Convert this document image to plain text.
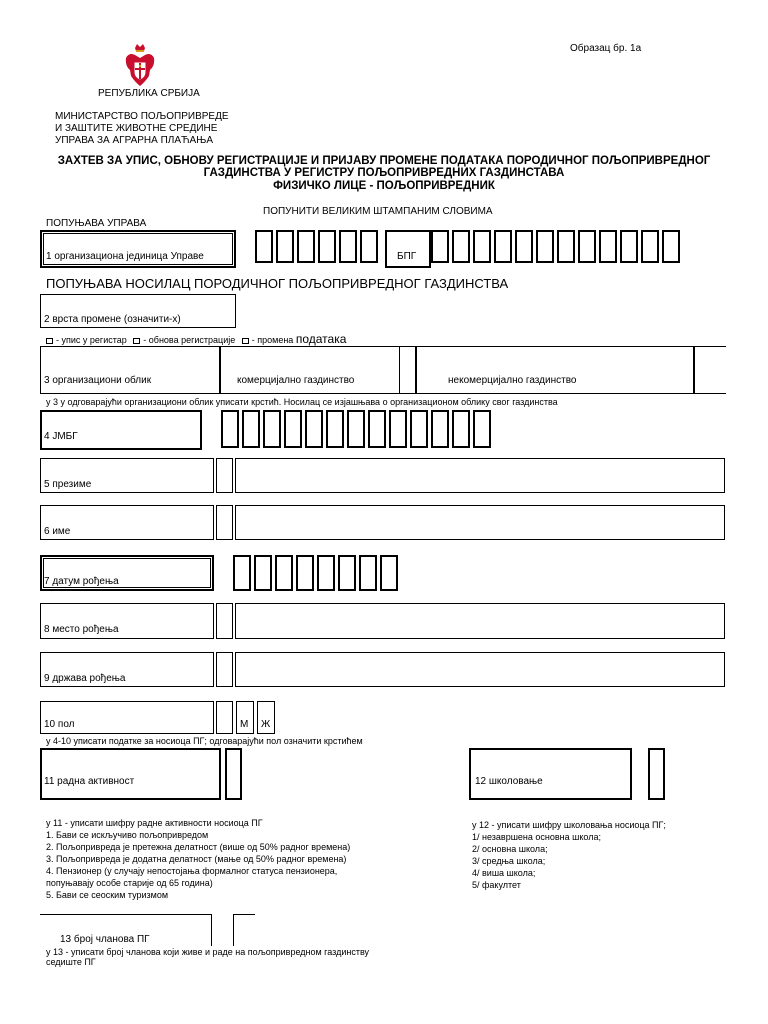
Образац бр. 1а
РЕПУБЛИКА СРБИЈА
МИНИСТАРСТВО ПОЉОПРИВРЕДЕ
И ЗАШТИТЕ ЖИВОТНЕ СРЕДИНЕ
УПРАВА ЗА АГРАРНА ПЛАЋАЊА
ЗАХТЕВ ЗА УПИС, ОБНОВУ РЕГИСТРАЦИЈЕ И ПРИЈАВУ ПРОМЕНЕ ПОДАТАКА ПОРОДИЧНОГ ПОЉОПРИВРЕДНОГ
ГАЗДИНСТВА У РЕГИСТРУ ПОЉОПРИВРЕДНИХ ГАЗДИНСТАВА
ФИЗИЧКО ЛИЦЕ - ПОЉОПРИВРЕДНИК
ПОПУНИТИ ВЕЛИКИМ ШТАМПАНИМ СЛОВИМА
ПОПУЊАВА УПРАВА
1 организациона јединица Управе	БПГ
ПОПУЊАВА НОСИЛАЦ ПОРОДИЧНОГ ПОЉОПРИВРЕДНОГ ГАЗДИНСТВА
2 врста промене (означити-х)
- упис у регистар - обнова регистрације - промена података
3 организациони облик	комерцијално газдинство	некомерцијално газдинство
у 3 у одговарајући организациони облик уписати крстић. Носилац се изјашњава о организационом облику свог газдинства
4 ЈМБГ
5 презиме
6 име
7 датум рођења
8 место рођења
9 држава рођења
10 пол	М Ж
у 4-10 уписати податке за носиоца ПГ; одговарајући пол означити крстићем
11 радна активност	12 школовање
у 11 - уписати шифру радне активности носиоца ПГ
1. Бави се искључиво пољопривредом
2. Пољопривреда је претежна делатност (више од 50% радног времена)
3. Пољопривреда је додатна делатност (мање од 50% радног времена)
4. Пензионер (у случају непостојања формалног статуса пензионера,
попуњавају особе старије од 65 година)
5. Бави се сеоским туризмом
у 12 - уписати шифру школовања носиоца ПГ;
1/ незавршена основна школа;
2/ основна школа;
3/ средња школа;
4/ виша школа;
5/ факултет
13 број чланова ПГ
у 13 - уписати број чланова који живе и раде на пољопривредном газдинству
седиште ПГ
